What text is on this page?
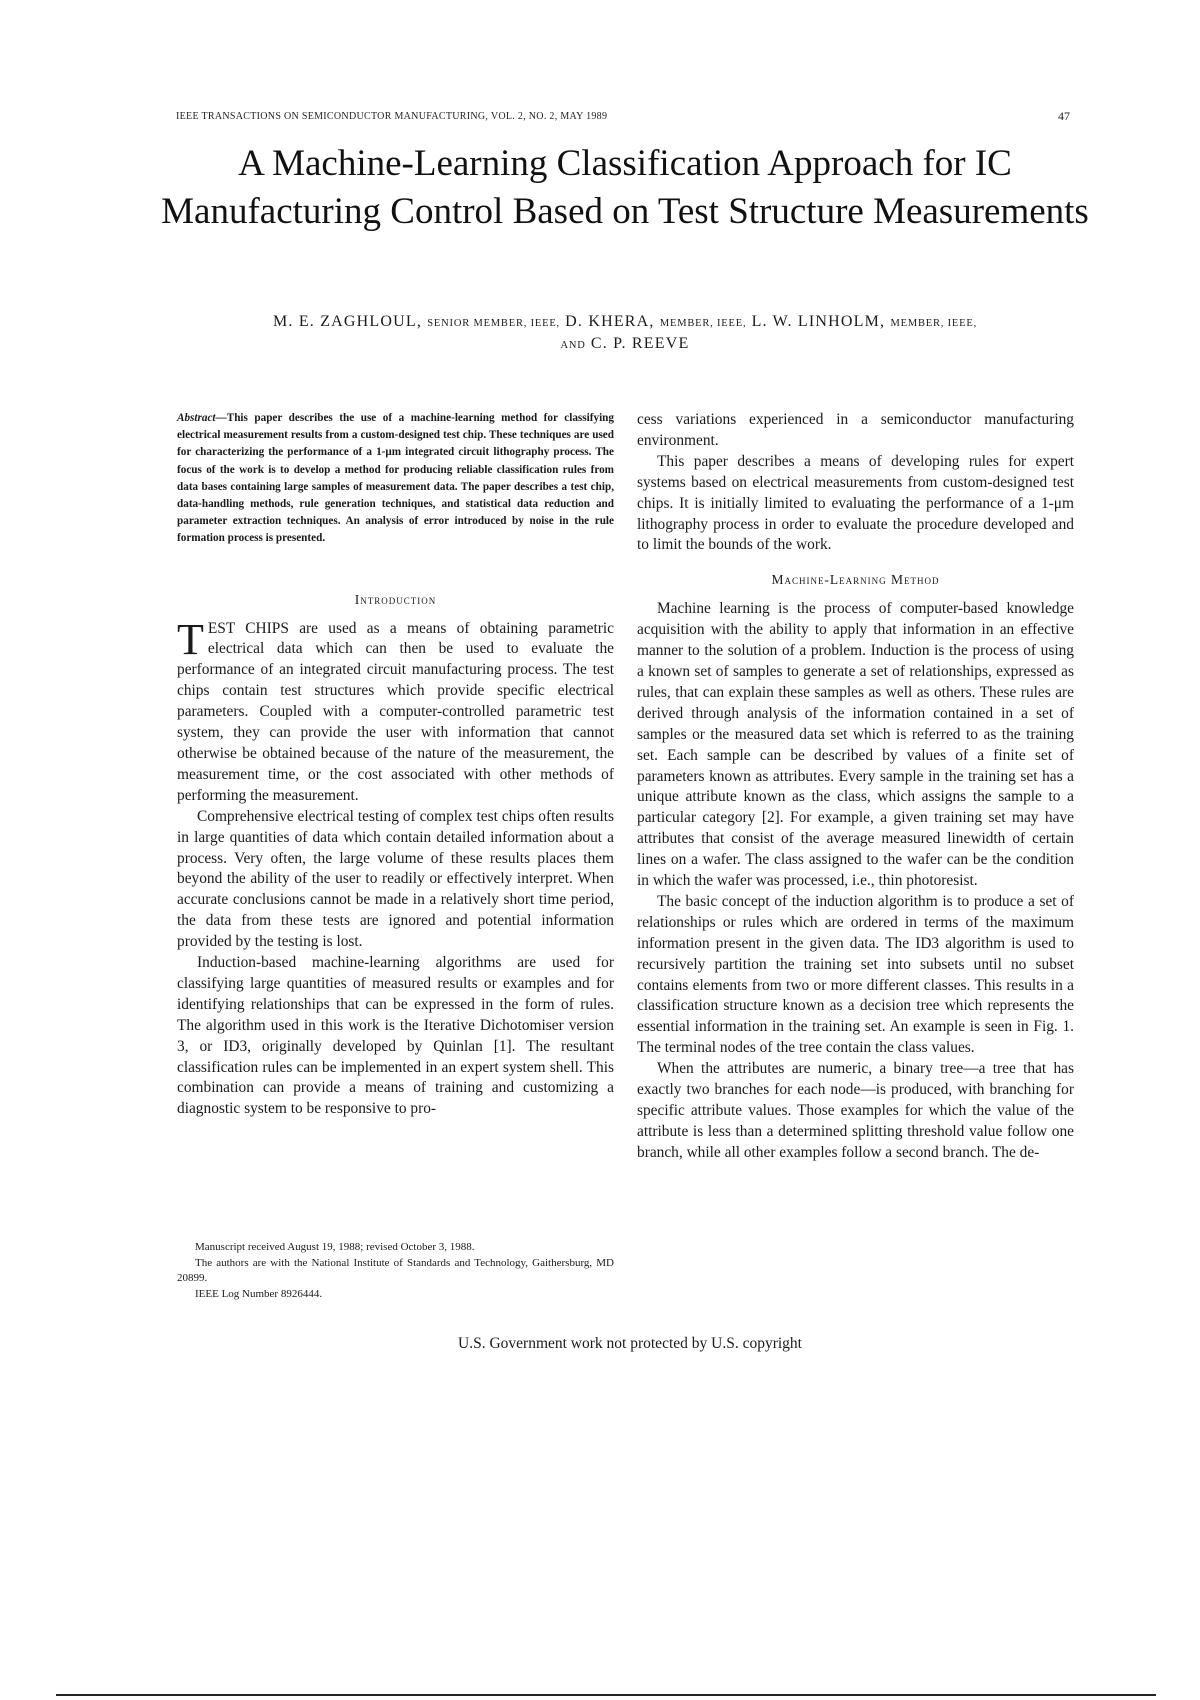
IEEE TRANSACTIONS ON SEMICONDUCTOR MANUFACTURING, VOL. 2, NO. 2, MAY 1989	47
A Machine-Learning Classification Approach for IC Manufacturing Control Based on Test Structure Measurements
M. E. ZAGHLOUL, SENIOR MEMBER, IEEE, D. KHERA, MEMBER, IEEE, L. W. LINHOLM, MEMBER, IEEE,
AND C. P. REEVE
Abstract—This paper describes the use of a machine-learning method for classifying electrical measurement results from a custom-designed test chip. These techniques are used for characterizing the performance of a 1-μm integrated circuit lithography process. The focus of the work is to develop a method for producing reliable classification rules from data bases containing large samples of measurement data. The paper describes a test chip, data-handling methods, rule generation techniques, and statistical data reduction and parameter extraction techniques. An analysis of error introduced by noise in the rule formation process is presented.
Introduction

TEST CHIPS are used as a means of obtaining parametric electrical data which can then be used to evaluate the performance of an integrated circuit manufacturing process. The test chips contain test structures which provide specific electrical parameters. Coupled with a computer-controlled parametric test system, they can provide the user with information that cannot otherwise be obtained because of the nature of the measurement, the measurement time, or the cost associated with other methods of performing the measurement.

Comprehensive electrical testing of complex test chips often results in large quantities of data which contain detailed information about a process. Very often, the large volume of these results places them beyond the ability of the user to readily or effectively interpret. When accurate conclusions cannot be made in a relatively short time period, the data from these tests are ignored and potential information provided by the testing is lost.

Induction-based machine-learning algorithms are used for classifying large quantities of measured results or examples and for identifying relationships that can be expressed in the form of rules. The algorithm used in this work is the Iterative Dichotomiser version 3, or ID3, originally developed by Quinlan [1]. The resultant classification rules can be implemented in an expert system shell. This combination can provide a means of training and customizing a diagnostic system to be responsive to pro-

cess variations experienced in a semiconductor manufacturing environment.

This paper describes a means of developing rules for expert systems based on electrical measurements from custom-designed test chips. It is initially limited to evaluating the performance of a 1-μm lithography process in order to evaluate the procedure developed and to limit the bounds of the work.

Machine-Learning Method

Machine learning is the process of computer-based knowledge acquisition with the ability to apply that information in an effective manner to the solution of a problem. Induction is the process of using a known set of samples to generate a set of relationships, expressed as rules, that can explain these samples as well as others. These rules are derived through analysis of the information contained in a set of samples or the measured data set which is referred to as the training set. Each sample can be described by values of a finite set of parameters known as attributes. Every sample in the training set has a unique attribute known as the class, which assigns the sample to a particular category [2]. For example, a given training set may have attributes that consist of the average measured linewidth of certain lines on a wafer. The class assigned to the wafer can be the condition in which the wafer was processed, i.e., thin photoresist.

The basic concept of the induction algorithm is to produce a set of relationships or rules which are ordered in terms of the maximum information present in the given data. The ID3 algorithm is used to recursively partition the training set into subsets until no subset contains elements from two or more different classes. This results in a classification structure known as a decision tree which represents the essential information in the training set. An example is seen in Fig. 1. The terminal nodes of the tree contain the class values.

When the attributes are numeric, a binary tree—a tree that has exactly two branches for each node—is produced, with branching for specific attribute values. Those examples for which the value of the attribute is less than a determined splitting threshold value follow one branch, while all other examples follow a second branch. The de-

Manuscript received August 19, 1988; revised October 3, 1988.
The authors are with the National Institute of Standards and Technology, Gaithersburg, MD 20899.
IEEE Log Number 8926444.
U.S. Government work not protected by U.S. copyright
